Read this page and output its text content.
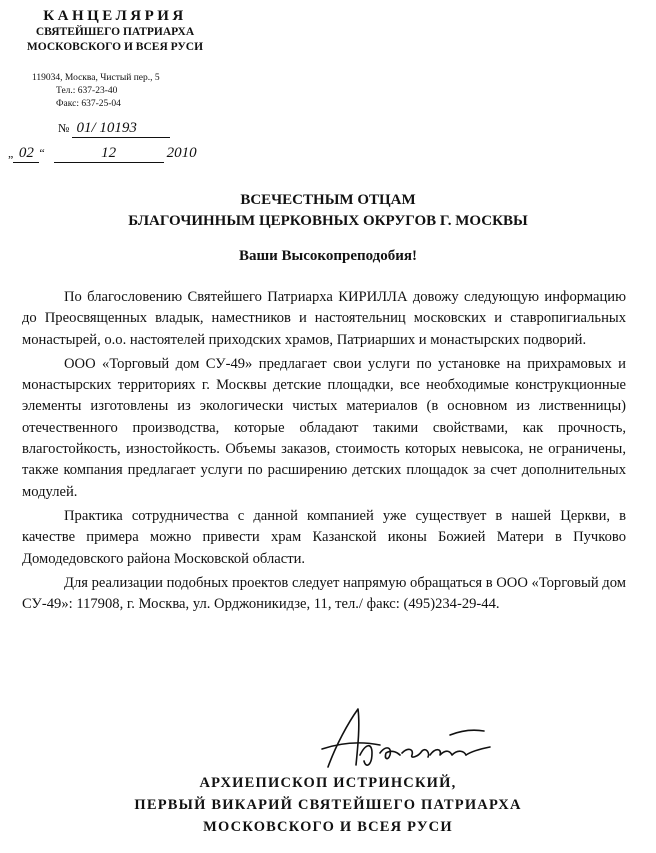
КАНЦЕЛЯРИЯ
СВЯТЕЙШЕГО ПАТРИАРХА
МОСКОВСКОГО И ВСЕЯ РУСИ
119034, Москва, Чистый пер., 5
Тел.: 637-23-40
Факс: 637-25-04
№ 01/ 10193
„ 02 “	12	2010
ВСЕЧЕСТНЫМ ОТЦАМ
БЛАГОЧИННЫМ ЦЕРКОВНЫХ ОКРУГОВ Г. МОСКВЫ
Ваши Высокопреподобия!

По благословению Святейшего Патриарха КИРИЛЛА довожу следующую информацию до Преосвященных владык, наместников и настоятельниц московских и ставропигиальных монастырей, о.о. настоятелей приходских храмов, Патриарших и монастырских подворий.

ООО «Торговый дом СУ-49» предлагает свои услуги по установке на прихрамовых и монастырских территориях г. Москвы детские площадки, все необходимые конструкционные элементы изготовлены из экологически чистых материалов (в основном из лиственницы) отечественного производства, которые обладают такими свойствами, как прочность, влагостойкость, изностойкость. Объемы заказов, стоимость которых невысока, не ограничены, также компания предлагает услуги по расширению детских площадок за счет дополнительных модулей.

Практика сотрудничества с данной компанией уже существует в нашей Церкви, в качестве примера можно привести храм Казанской иконы Божией Матери в Пучково Домодедовского района Московской области.

Для реализации подобных проектов следует напрямую обращаться в ООО «Торговый дом СУ-49»: 117908, г. Москва, ул. Орджоникидзе, 11, тел./ факс: (495)234-29-44.

АРХИЕПИСКОП ИСТРИНСКИЙ,
ПЕРВЫЙ ВИКАРИЙ СВЯТЕЙШЕГО ПАТРИАРХА
МОСКОВСКОГО И ВСЕЯ РУСИ
